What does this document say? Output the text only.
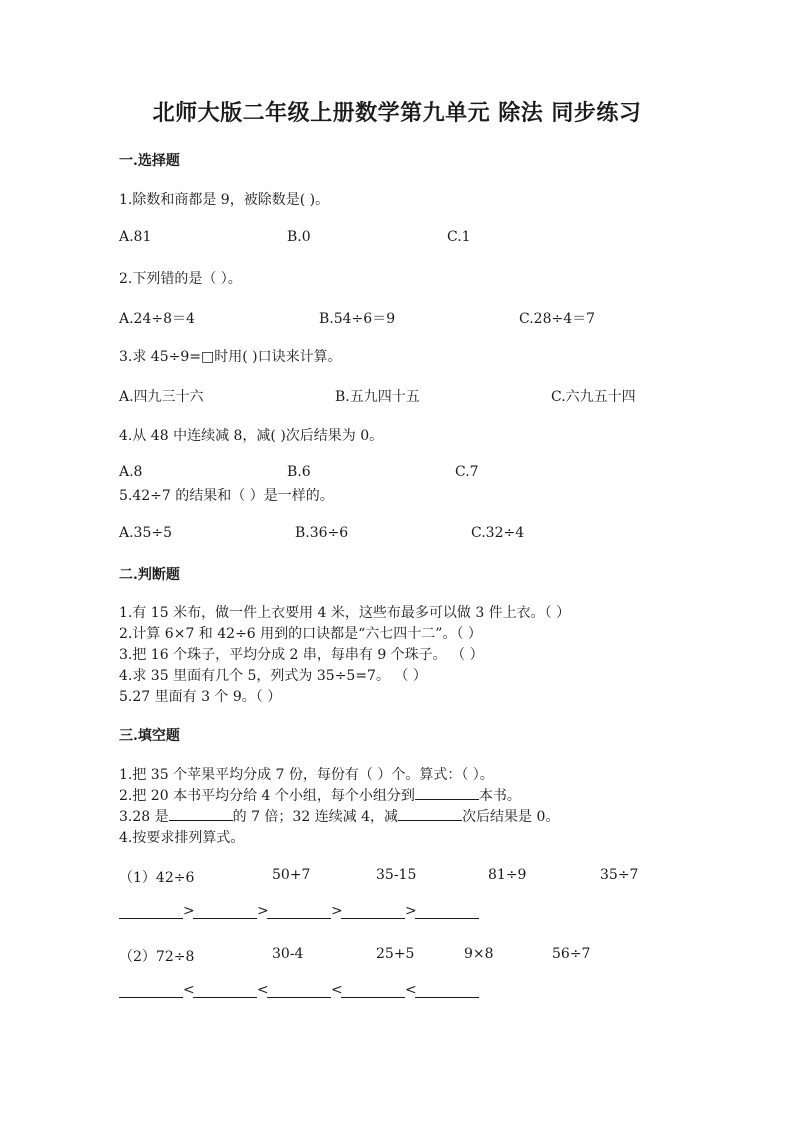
北师大版二年级上册数学第九单元 除法 同步练习
一.选择题
1.除数和商都是 9，被除数是( )。
A.81	B.0	C.1
2.下列错的是（ ）。
A.24÷8＝4	B.54÷6＝9	C.28÷4＝7
3.求 45÷9=□时用( )口诀来计算。
A.四九三十六	B.五九四十五	C.六九五十四
4.从 48 中连续减 8，减( )次后结果为 0。
A.8	B.6	C.7
5.42÷7 的结果和（ ）是一样的。
A.35÷5	B.36÷6	C.32÷4
二.判断题
1.有 15 米布，做一件上衣要用 4 米，这些布最多可以做 3 件上衣。（ ）
2.计算 6×7 和 42÷6 用到的口诀都是“六七四十二”。（ ）
3.把 16 个珠子，平均分成 2 串，每串有 9 个珠子。 （ ）
4.求 35 里面有几个 5，列式为 35÷5=7。 （ ）
5.27 里面有 3 个 9。（ ）
三.填空题
1.把 35 个苹果平均分成 7 份，每份有（ ）个。算式：（ ）。
2.把 20 本书平均分给 4 个小组，每个小组分到	本书。
3.28 是	的 7 倍；32 连续减 4，减	次后结果是 0。
4.按要求排列算式。
（1）42÷6	50+7	35-15	81÷9	35÷7
>	>	>	>
（2）72÷8	30-4	25+5	9×8	56÷7
<	<	<	<
